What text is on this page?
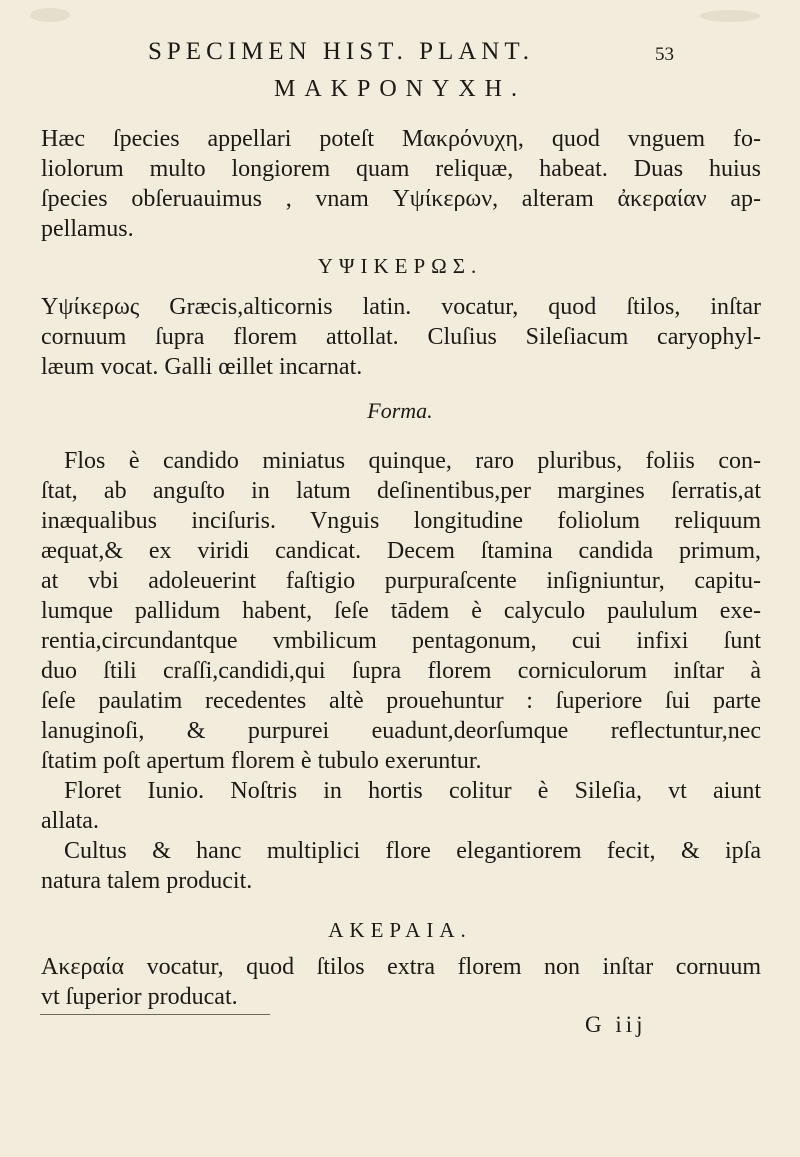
SPECIMEN HIST. PLANT.	53
MAKPONYXH.
Hæc ſpecies appellari poteſt Μακρόνυχη, quod vnguem fo-
liolorum multo longiorem quam reliquæ, habeat. Duas huius
ſpecies obſeruauimus , vnam Υψίκερων, alteram ἀκεραίαν ap-
pellamus.
YΨIKEPΩΣ.
Υψίκερως Græcis,alticornis latin. vocatur, quod ſtilos, inſtar
cornuum ſupra florem attollat. Cluſius Sileſiacum caryophyl-
læum vocat. Galli œillet incarnat.
Forma.
Flos è candido miniatus quinque, raro pluribus, foliis con-
ſtat, ab anguſto in latum deſinentibus,per margines ſerratis,at
inæqualibus inciſuris. Vnguis longitudine foliolum reliquum
æquat,& ex viridi candicat. Decem ſtamina candida primum,
at vbi adoleuerint faſtigio purpuraſcente inſigniuntur, capitu-
lumque pallidum habent, ſeſe tādem è calyculo paululum exe-
rentia,circundantque vmbilicum pentagonum, cui infixi ſunt
duo ſtili craſſi,candidi,qui ſupra florem corniculorum inſtar à
ſeſe paulatim recedentes altè prouehuntur : ſuperiore ſui parte
lanuginoſi, & purpurei euadunt,deorſumque reflectuntur,nec
ſtatim poſt apertum florem è tubulo exeruntur.
Floret Iunio. Noſtris in hortis colitur è Sileſia, vt aiunt
allata.
Cultus & hanc multiplici flore elegantiorem fecit, & ipſa
natura talem producit.
AKEPAIA.
Ακεραία vocatur, quod ſtilos extra florem non inſtar cornuum
vt ſuperior producat.
G iij
